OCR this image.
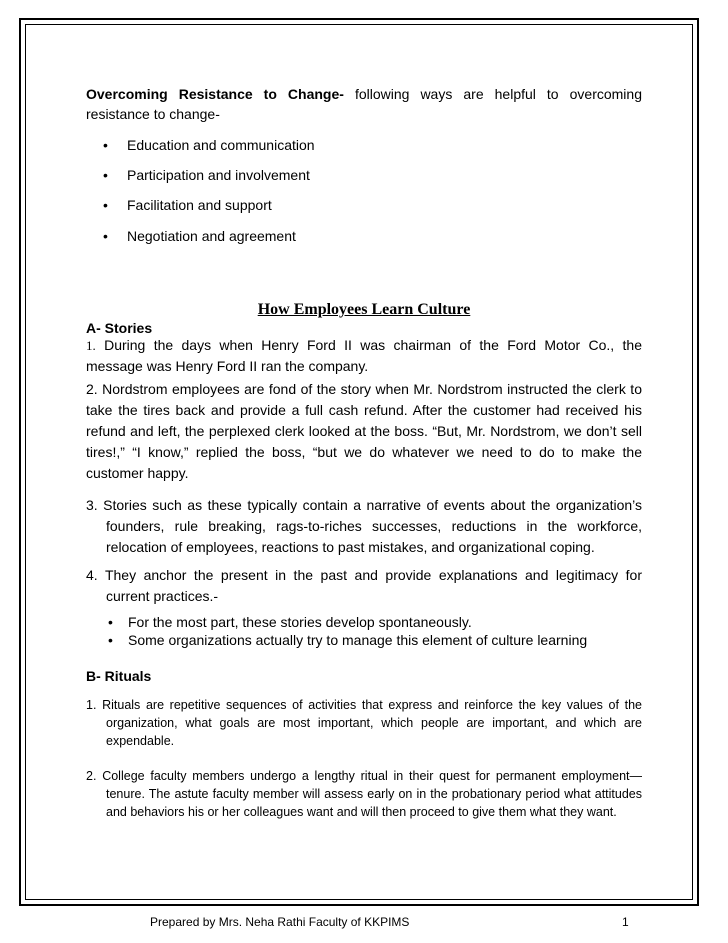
Overcoming Resistance to Change- following ways are helpful to overcoming

resistance to change-

• Education and communication
• Participation and involvement
• Facilitation and support
• Negotiation and agreement
How Employees Learn Culture
A- Stories

1. During the days when Henry Ford II was chairman of the Ford Motor Co., the

message was Henry Ford II ran the company.

2. Nordstrom employees are fond of the story when Mr. Nordstrom instructed the clerk to take the tires back and provide a full cash refund. After the customer had received his refund and left, the perplexed clerk looked at the boss. “But, Mr. Nordstrom, we don’t sell tires!,” “I know,” replied the boss, “but we do whatever we need to do to make the customer happy.
3. Stories such as these typically contain a narrative of events about the organization’s founders, rule breaking, rags-to-riches successes, reductions in the workforce, relocation of employees, reactions to past mistakes, and organizational coping.
4. They anchor the present in the past and provide explanations and legitimacy for current practices.-
• For the most part, these stories develop spontaneously.
• Some organizations actually try to manage this element of culture learning
B- Rituals
1. Rituals are repetitive sequences of activities that express and reinforce the key values of the organization, what goals are most important, which people are important, and which are expendable.
2. College faculty members undergo a lengthy ritual in their quest for permanent employment—tenure. The astute faculty member will assess early on in the probationary period what attitudes and behaviors his or her colleagues want and will then proceed to give them what they want.
Prepared by Mrs. Neha Rathi Faculty of KKPIMS	1
